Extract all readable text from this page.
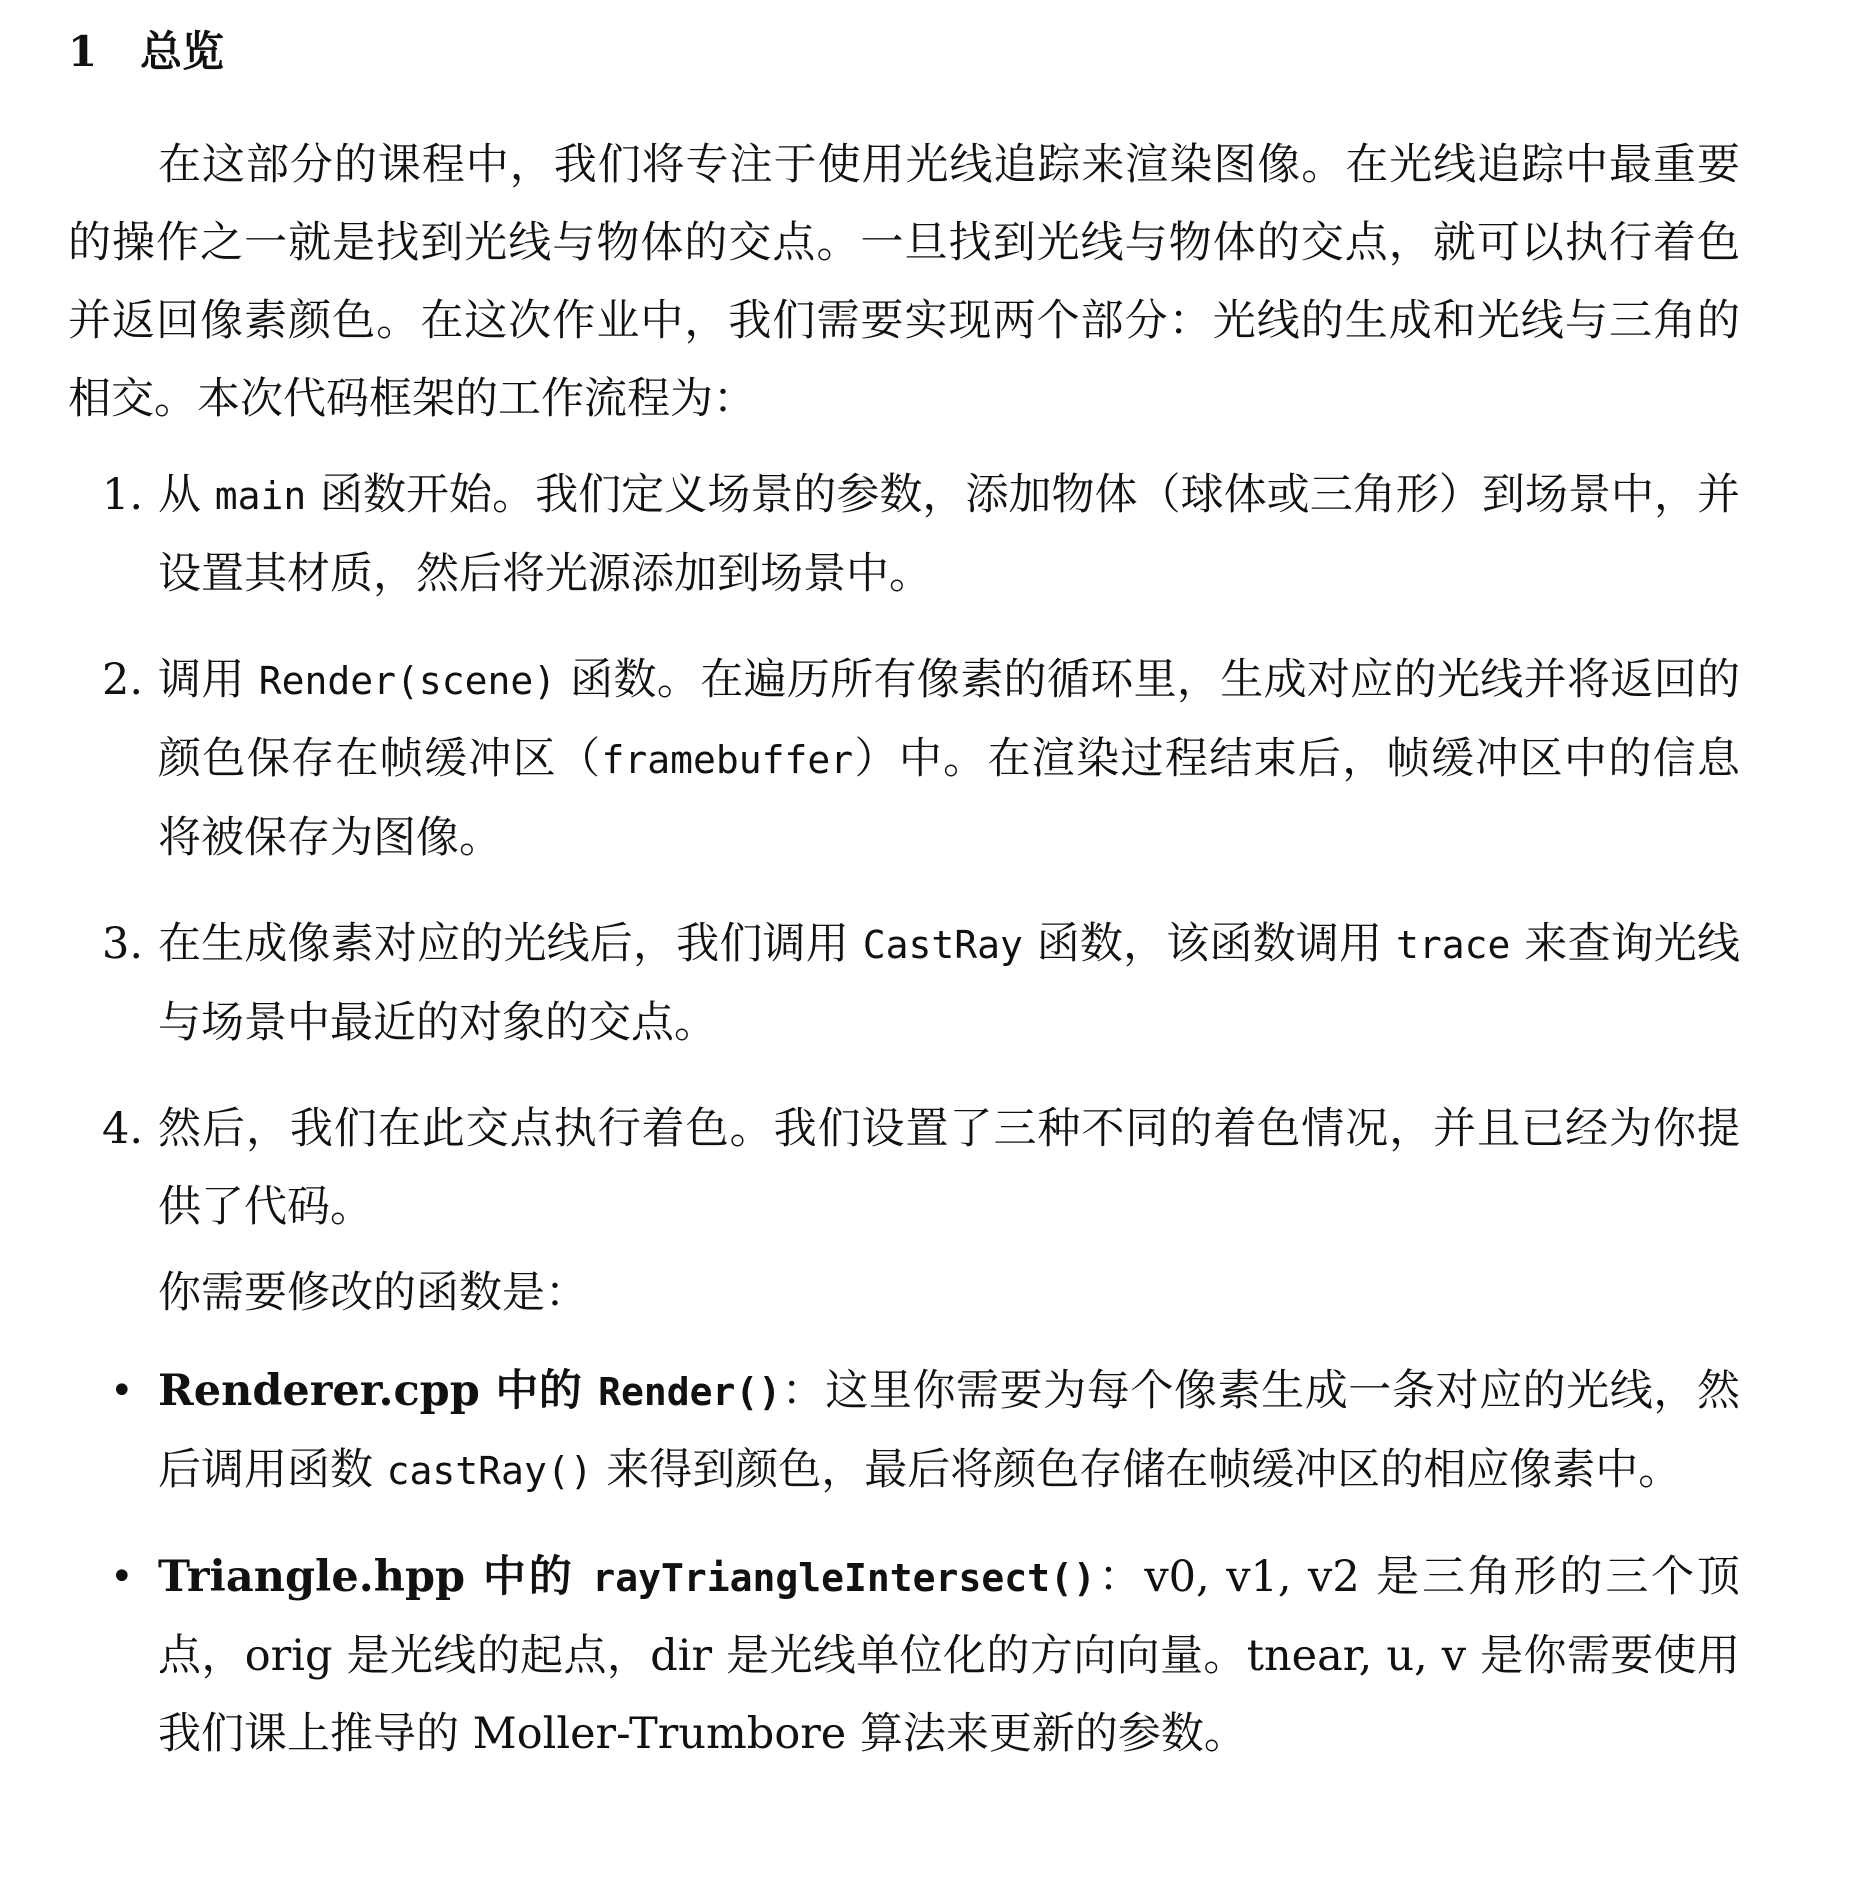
1	总览

在这部分的课程中，我们将专注于使用光线追踪来渲染图像。在光线追踪中最重要的操作之一就是找到光线与物体的交点。一旦找到光线与物体的交点，就可以执行着色并返回像素颜色。在这次作业中，我们需要实现两个部分：光线的生成和光线与三角的相交。本次代码框架的工作流程为：

1. 从 main 函数开始。我们定义场景的参数，添加物体（球体或三角形）到场景中，并设置其材质，然后将光源添加到场景中。
2. 调用 Render(scene) 函数。在遍历所有像素的循环里，生成对应的光线并将返回的颜色保存在帧缓冲区（framebuffer）中。在渲染过程结束后，帧缓冲区中的信息将被保存为图像。
3. 在生成像素对应的光线后，我们调用 CastRay 函数，该函数调用 trace 来查询光线与场景中最近的对象的交点。
4. 然后，我们在此交点执行着色。我们设置了三种不同的着色情况，并且已经为你提供了代码。

你需要修改的函数是：

• Renderer.cpp 中的 Render()：这里你需要为每个像素生成一条对应的光线，然后调用函数 castRay() 来得到颜色，最后将颜色存储在帧缓冲区的相应像素中。
• Triangle.hpp 中的 rayTriangleIntersect()：v0, v1, v2 是三角形的三个顶点，orig 是光线的起点，dir 是光线单位化的方向向量。tnear, u, v 是你需要使用我们课上推导的 Moller-Trumbore 算法来更新的参数。
